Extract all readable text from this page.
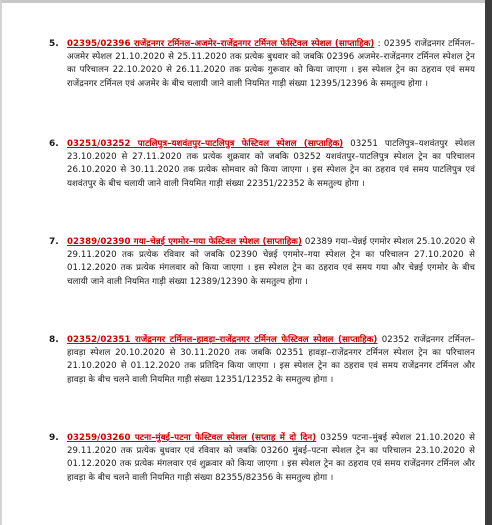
5. 02395/02396 राजेंद्रनगर टर्मिनल–अजमेर–राजेंद्रनगर टर्मिनल फेस्टिवल स्पेशल (साप्ताहिक) : 02395 राजेंद्रनगर टर्मिनल–अजमेर स्पेशल 21.10.2020 से 25.11.2020 तक प्रत्येक बुधवार को जबकि 02396 अजमेर–राजेंद्रनगर टर्मिनल स्पेशल ट्रेन का परिचालन 22.10.2020 से 26.11.2020 तक प्रत्येक गुरूवार को किया जाएगा । इस स्पेशल ट्रेन का ठहराव एवं समय राजेंद्रनगर टर्मिनल एवं अजमेर के बीच चलायी जाने वाली नियमित गाड़ी संख्या 12395/12396 के समतुल्य होगा ।
6. 03251/03252 पाटलिपुत्र–यशवंतपुर–पाटलिपुत्र फेस्टिवल स्पेशल (साप्ताहिक) 03251 पाटलिपुत्र–यशवंतपुर स्पेशल 23.10.2020 से 27.11.2020 तक प्रत्येक शुक्रवार को जबकि 03252 यशवंतपुर–पाटलिपुत्र स्पेशल ट्रेन का परिचालन 26.10.2020 से 30.11.2020 तक प्रत्येक सोमवार को किया जाएगा । इस स्पेशल ट्रेन का ठहराव एवं समय पाटलिपुत्र एवं यशवंतपुर के बीच चलायी जाने वाली नियमित गाड़ी संख्या 22351/22352 के समतुल्य होगा ।
7. 02389/02390 गया–चेन्नई एगमोर–गया फेस्टिवल स्पेशल (साप्ताहिक) 02389 गया–चेन्नई एगमोर स्पेशल 25.10.2020 से 29.11.2020 तक प्रत्येक रविवार को जबकि 02390 चेन्नई एगमोर–गया स्पेशल ट्रेन का परिचालन 27.10.2020 से 01.12.2020 तक प्रत्येक मंगलवार को किया जाएगा । इस स्पेशल ट्रेन का ठहराव एवं समय गया और चेन्नई एगमोर के बीच चलायी जाने वाली नियमित गाड़ी संख्या 12389/12390 के समतुल्य होगा ।
8. 02352/02351 राजेंद्रनगर टर्मिनल–हावड़ा–राजेंद्रनगर टर्मिनल फेस्टिवल स्पेशल (साप्ताहिक) 02352 राजेंद्रनगर टर्मिनल–हावड़ा स्पेशल 20.10.2020 से 30.11.2020 तक जबकि 02351 हावड़ा–राजेंद्रनगर टर्मिनल स्पेशल ट्रेन का परिचालन 21.10.2020 से 01.12.2020 तक प्रतिदिन किया जाएगा । इस स्पेशल ट्रेन का ठहराव एवं समय राजेंद्रनगर टर्मिनल और हावड़ा के बीच चलने वाली नियमित गाड़ी संख्या 12351/12352 के समतुल्य होगा ।
9. 03259/03260 पटना–मुंबई–पटना फेस्टिवल स्पेशल (सप्ताह में दो दिन) 03259 पटना–मुंबई स्पेशल 21.10.2020 से 29.11.2020 तक प्रत्येक बुधवार एवं रविवार को जबकि 03260 मुंबई–पटना स्पेशल ट्रेन का परिचालन 23.10.2020 से 01.12.2020 तक प्रत्येक मंगलवार एवं शुक्रवार को किया जाएगा । इस स्पेशल ट्रेन का ठहराव एवं समय राजेंद्रनगर टर्मिनल और हावड़ा के बीच चलने वाली नियमित गाड़ी संख्या 82355/82356 के समतुल्य होगा ।
